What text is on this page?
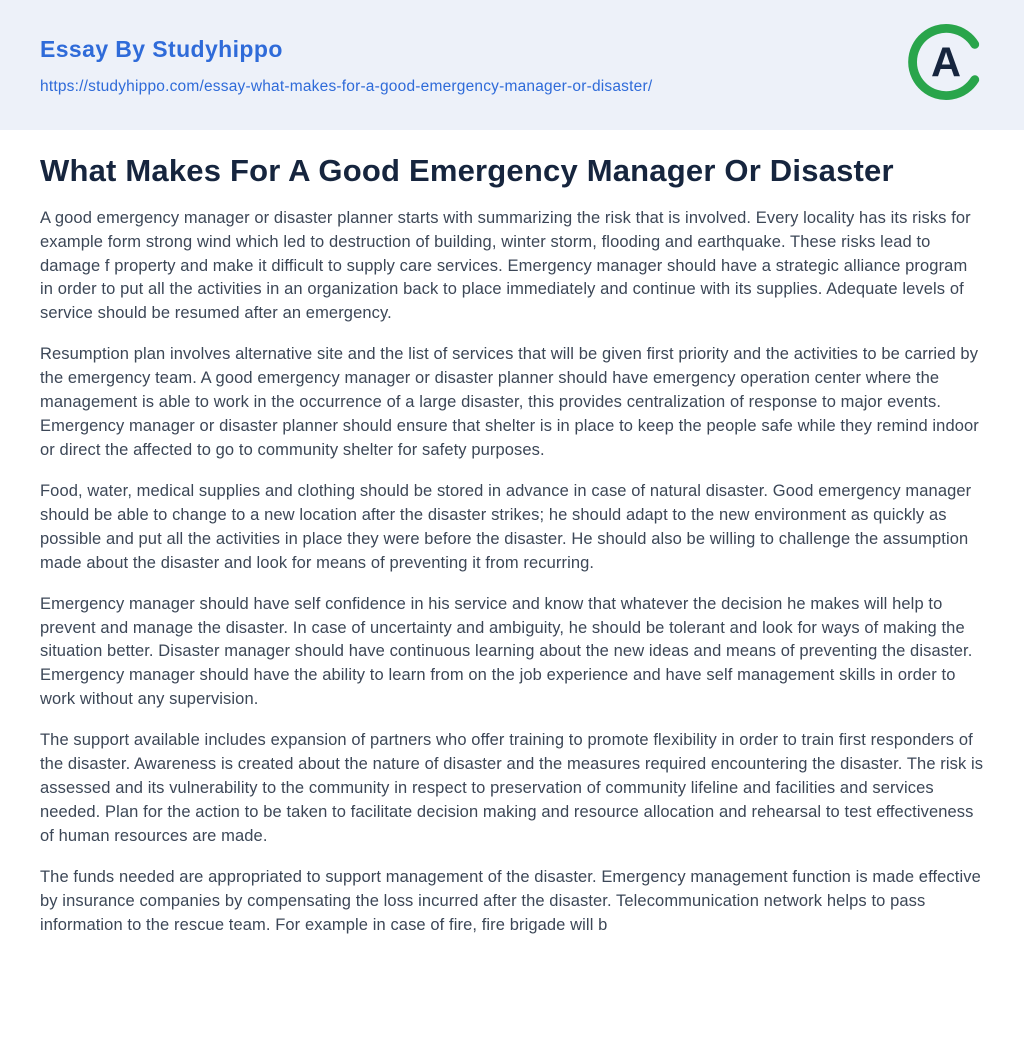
Essay By Studyhippo
https://studyhippo.com/essay-what-makes-for-a-good-emergency-manager-or-disaster/
A
What Makes For A Good Emergency Manager Or Disaster

A good emergency manager or disaster planner starts with summarizing the risk that is involved. Every locality has its risks for example form strong wind which led to destruction of building, winter storm, flooding and earthquake. These risks lead to damage f property and make it difficult to supply care services. Emergency manager should have a strategic alliance program in order to put all the activities in an organization back to place immediately and continue with its supplies. Adequate levels of service should be resumed after an emergency.

Resumption plan involves alternative site and the list of services that will be given first priority and the activities to be carried by the emergency team. A good emergency manager or disaster planner should have emergency operation center where the management is able to work in the occurrence of a large disaster, this provides centralization of response to major events. Emergency manager or disaster planner should ensure that shelter is in place to keep the people safe while they remind indoor or direct the affected to go to community shelter for safety purposes.

Food, water, medical supplies and clothing should be stored in advance in case of natural disaster. Good emergency manager should be able to change to a new location after the disaster strikes; he should adapt to the new environment as quickly as possible and put all the activities in place they were before the disaster. He should also be willing to challenge the assumption made about the disaster and look for means of preventing it from recurring.

Emergency manager should have self confidence in his service and know that whatever the decision he makes will help to prevent and manage the disaster. In case of uncertainty and ambiguity, he should be tolerant and look for ways of making the situation better. Disaster manager should have continuous learning about the new ideas and means of preventing the disaster. Emergency manager should have the ability to learn from on the job experience and have self management skills in order to work without any supervision.

The support available includes expansion of partners who offer training to promote flexibility in order to train first responders of the disaster. Awareness is created about the nature of disaster and the measures required encountering the disaster. The risk is assessed and its vulnerability to the community in respect to preservation of community lifeline and facilities and services needed. Plan for the action to be taken to facilitate decision making and resource allocation and rehearsal to test effectiveness of human resources are made.

The funds needed are appropriated to support management of the disaster. Emergency management function is made effective by insurance companies by compensating the loss incurred after the disaster. Telecommunication network helps to pass information to the rescue team. For example in case of fire, fire brigade will b
